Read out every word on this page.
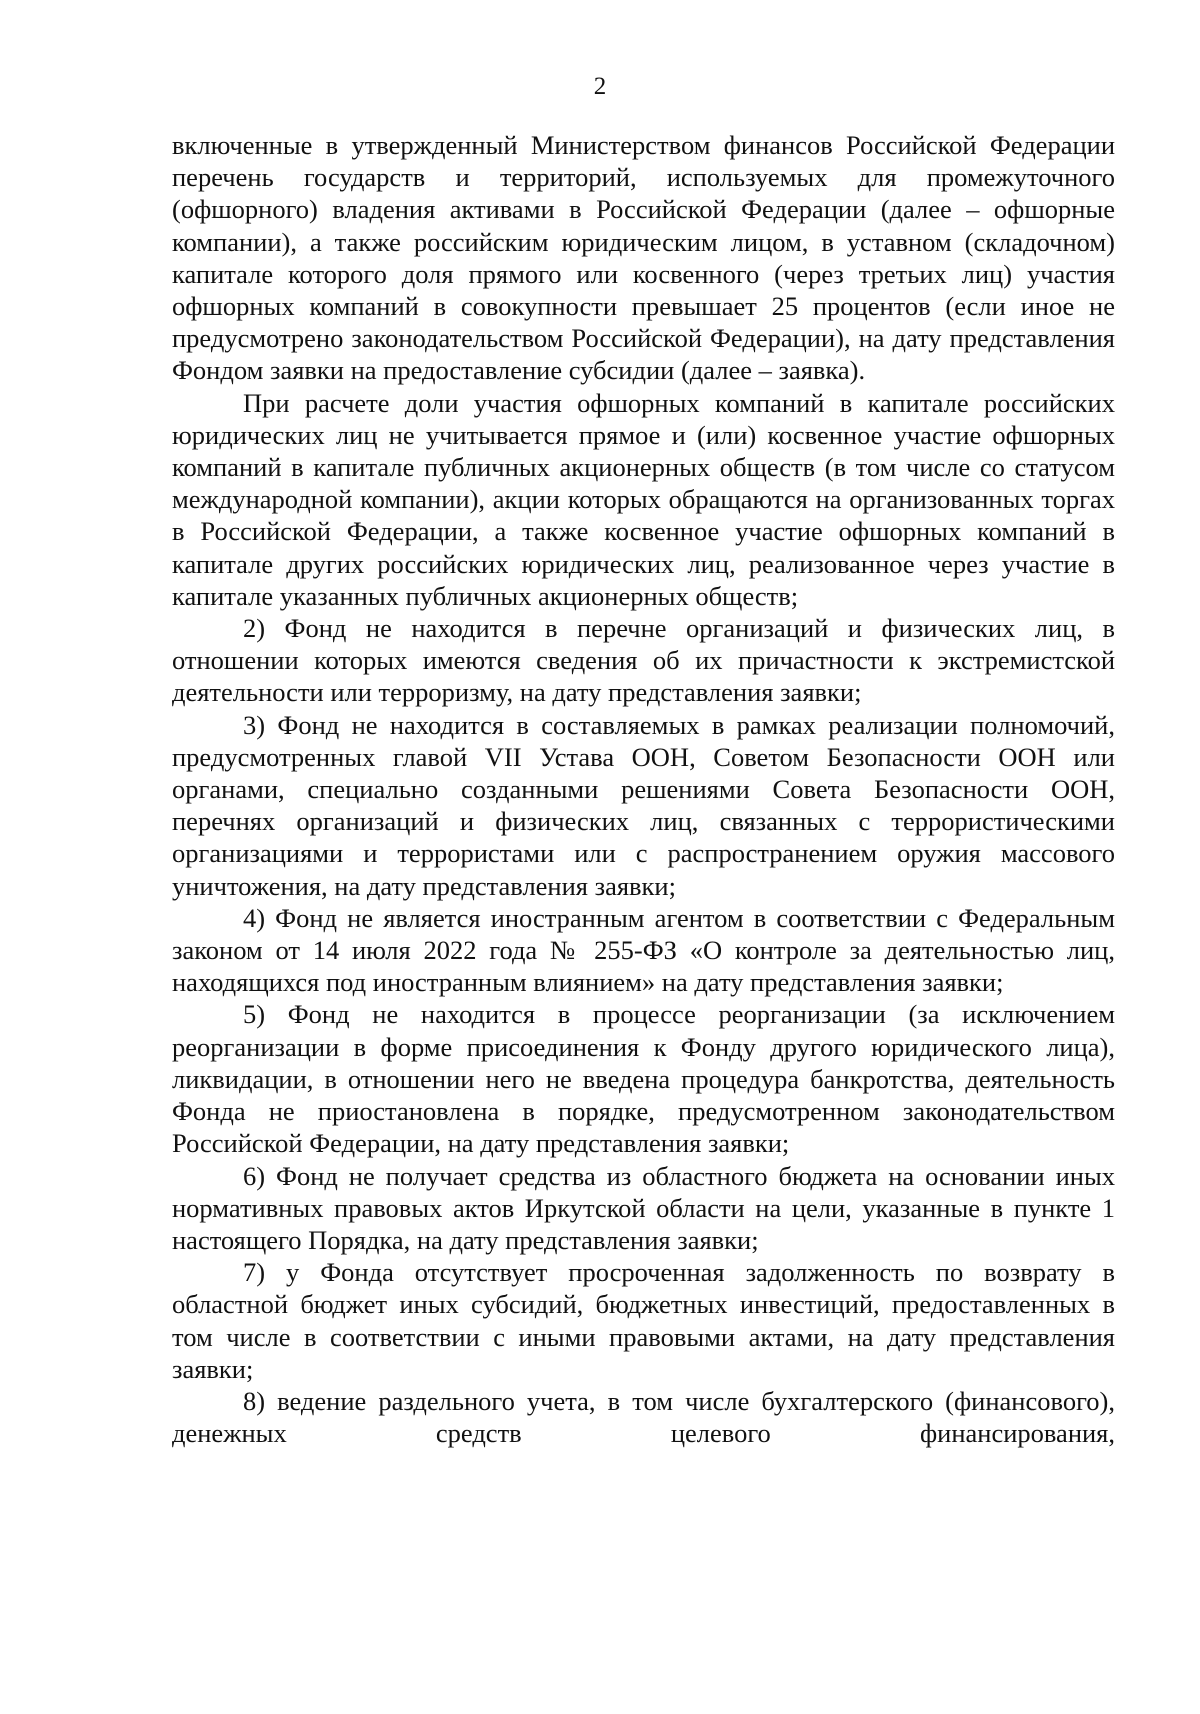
2

включенные в утвержденный Министерством финансов Российской Федерации перечень государств и территорий, используемых для промежуточного (офшорного) владения активами в Российской Федерации (далее – офшорные компании), а также российским юридическим лицом, в уставном (складочном) капитале которого доля прямого или косвенного (через третьих лиц) участия офшорных компаний в совокупности превышает 25 процентов (если иное не предусмотрено законодательством Российской Федерации), на дату представления Фондом заявки на предоставление субсидии (далее – заявка).

При расчете доли участия офшорных компаний в капитале российских юридических лиц не учитывается прямое и (или) косвенное участие офшорных компаний в капитале публичных акционерных обществ (в том числе со статусом международной компании), акции которых обращаются на организованных торгах в Российской Федерации, а также косвенное участие офшорных компаний в капитале других российских юридических лиц, реализованное через участие в капитале указанных публичных акционерных обществ;

2) Фонд не находится в перечне организаций и физических лиц, в отношении которых имеются сведения об их причастности к экстремистской деятельности или терроризму, на дату представления заявки;

3) Фонд не находится в составляемых в рамках реализации полномочий, предусмотренных главой VII Устава ООН, Советом Безопасности ООН или органами, специально созданными решениями Совета Безопасности ООН, перечнях организаций и физических лиц, связанных с террористическими организациями и террористами или с распространением оружия массового уничтожения, на дату представления заявки;

4) Фонд не является иностранным агентом в соответствии с Федеральным законом от 14 июля 2022 года № 255-ФЗ «О контроле за деятельностью лиц, находящихся под иностранным влиянием» на дату представления заявки;

5) Фонд не находится в процессе реорганизации (за исключением реорганизации в форме присоединения к Фонду другого юридического лица), ликвидации, в отношении него не введена процедура банкротства, деятельность Фонда не приостановлена в порядке, предусмотренном законодательством Российской Федерации, на дату представления заявки;

6) Фонд не получает средства из областного бюджета на основании иных нормативных правовых актов Иркутской области на цели, указанные в пункте 1 настоящего Порядка, на дату представления заявки;

7) у Фонда отсутствует просроченная задолженность по возврату в областной бюджет иных субсидий, бюджетных инвестиций, предоставленных в том числе в соответствии с иными правовыми актами, на дату представления заявки;

8) ведение раздельного учета, в том числе бухгалтерского (финансового), денежных средств целевого финансирования,
